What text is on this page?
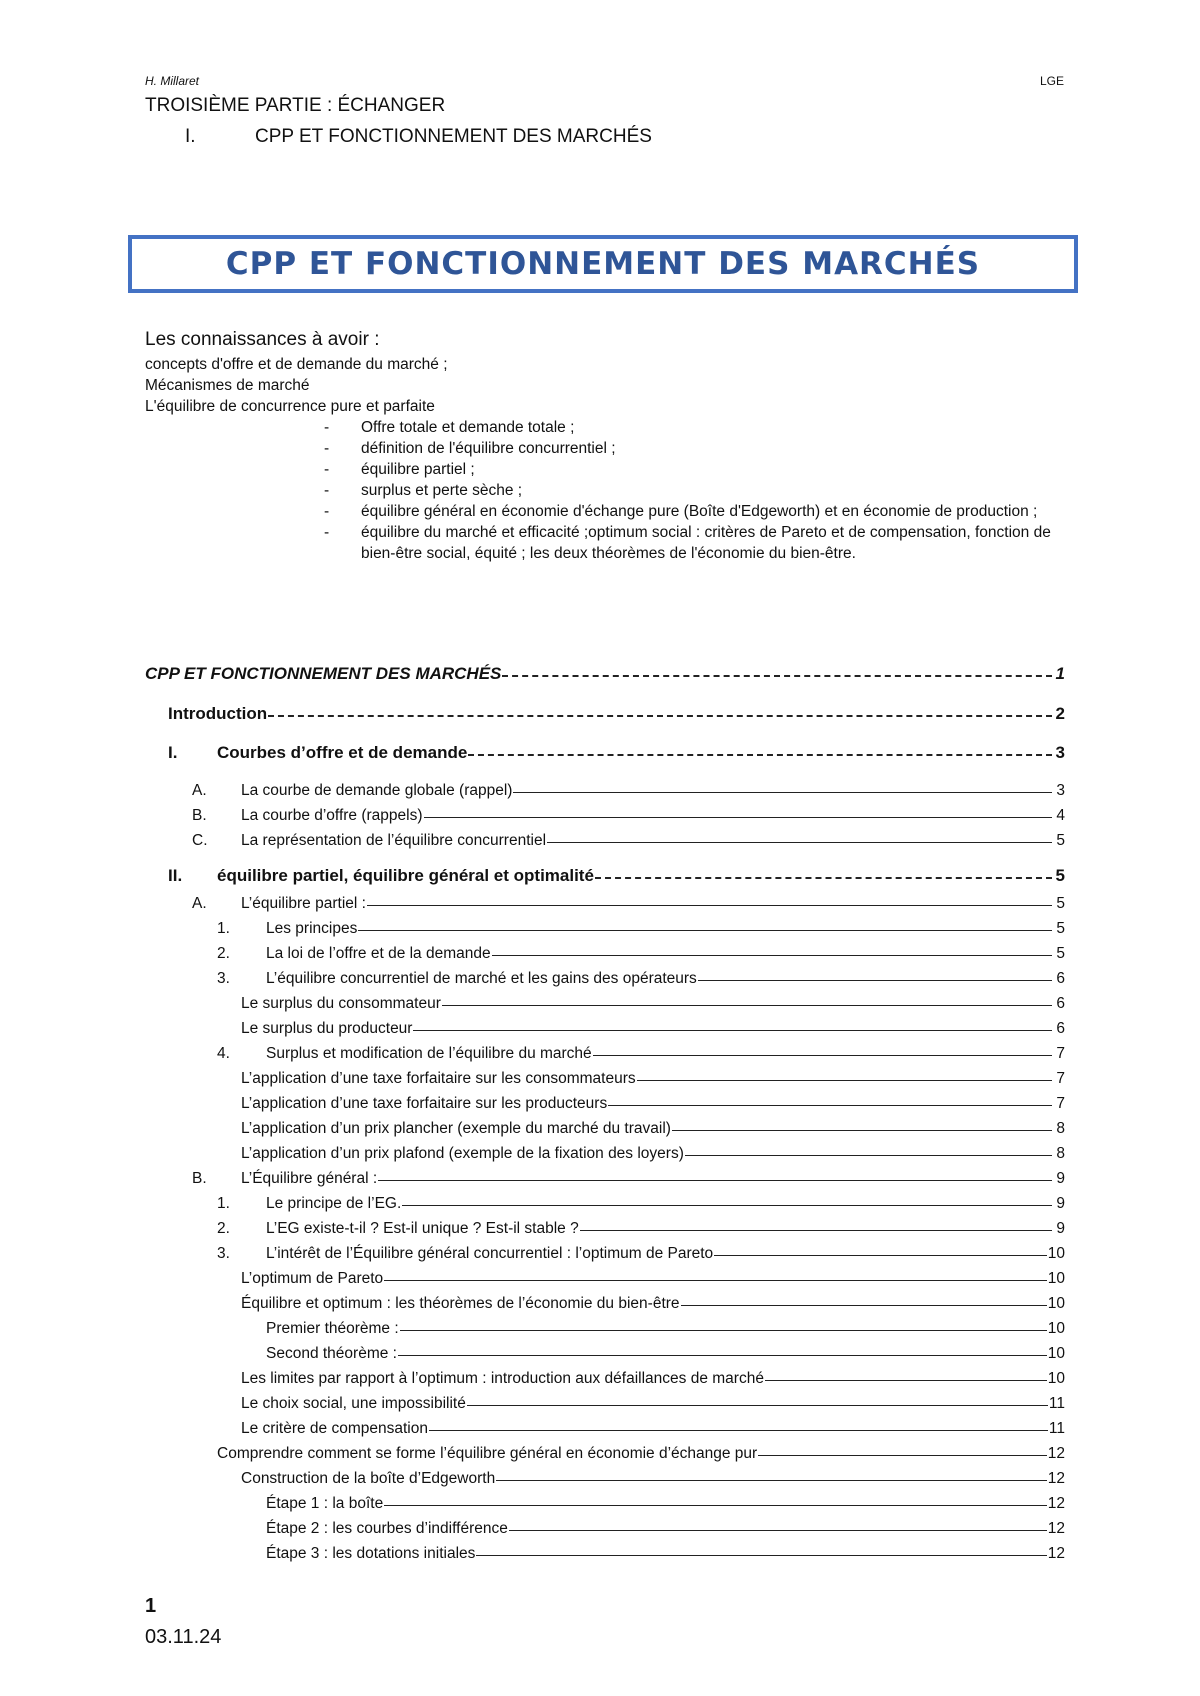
H. Millaret	LGE
TROISIÈME PARTIE : ÉCHANGER
I.	CPP ET FONCTIONNEMENT DES MARCHÉS
CPP ET FONCTIONNEMENT DES MARCHÉS
Les connaissances à avoir :
concepts d'offre et de demande du marché ;
Mécanismes de marché
L'équilibre de concurrence pure et parfaite
- Offre totale et demande totale ;
- définition de l'équilibre concurrentiel ;
- équilibre partiel ;
- surplus et perte sèche ;
- équilibre général en économie d'échange pure (Boîte d'Edgeworth) et en économie de production ;
- équilibre du marché et efficacité ;optimum social : critères de Pareto et de compensation, fonction de bien-être social, équité ; les deux théorèmes de l'économie du bien-être.
CPP ET FONCTIONNEMENT DES MARCHÉS	1
Introduction	2
I.	Courbes d’offre et de demande	3
A.	La courbe de demande globale (rappel)	3
B.	La courbe d’offre (rappels)	4
C.	La représentation de l’équilibre concurrentiel	5
II.	équilibre partiel, équilibre général et optimalité	5
A.	L’équilibre partiel :	5
1.	Les principes	5
2.	La loi de l’offre et de la demande	5
3.	L’équilibre concurrentiel de marché et les gains des opérateurs	6
Le surplus du consommateur	6
Le surplus du producteur	6
4.	Surplus et modification de l’équilibre du marché	7
L’application d’une taxe forfaitaire sur les consommateurs	7
L’application d’une taxe forfaitaire sur les producteurs	7
L’application d’un prix plancher (exemple du marché du travail)	8
L’application d’un prix plafond (exemple de la fixation des loyers)	8
B.	L’Équilibre général :	9
1.	Le principe de l’EG.	9
2.	L’EG existe-t-il ? Est-il unique ? Est-il stable ?	9
3.	L’intérêt de l’Équilibre général concurrentiel : l’optimum de Pareto	10
L’optimum de Pareto	10
Équilibre et optimum : les théorèmes de l’économie du bien-être	10
Premier théorème :	10
Second théorème :	10
Les limites par rapport à l’optimum : introduction aux défaillances de marché	10
Le choix social, une impossibilité	11
Le critère de compensation	11
Comprendre comment se forme l’équilibre général en économie d’échange pur	12
Construction de la boîte d’Edgeworth	12
Étape 1 : la boîte	12
Étape 2 : les courbes d’indifférence	12
Étape 3 : les dotations initiales	12
1
03.11.24
